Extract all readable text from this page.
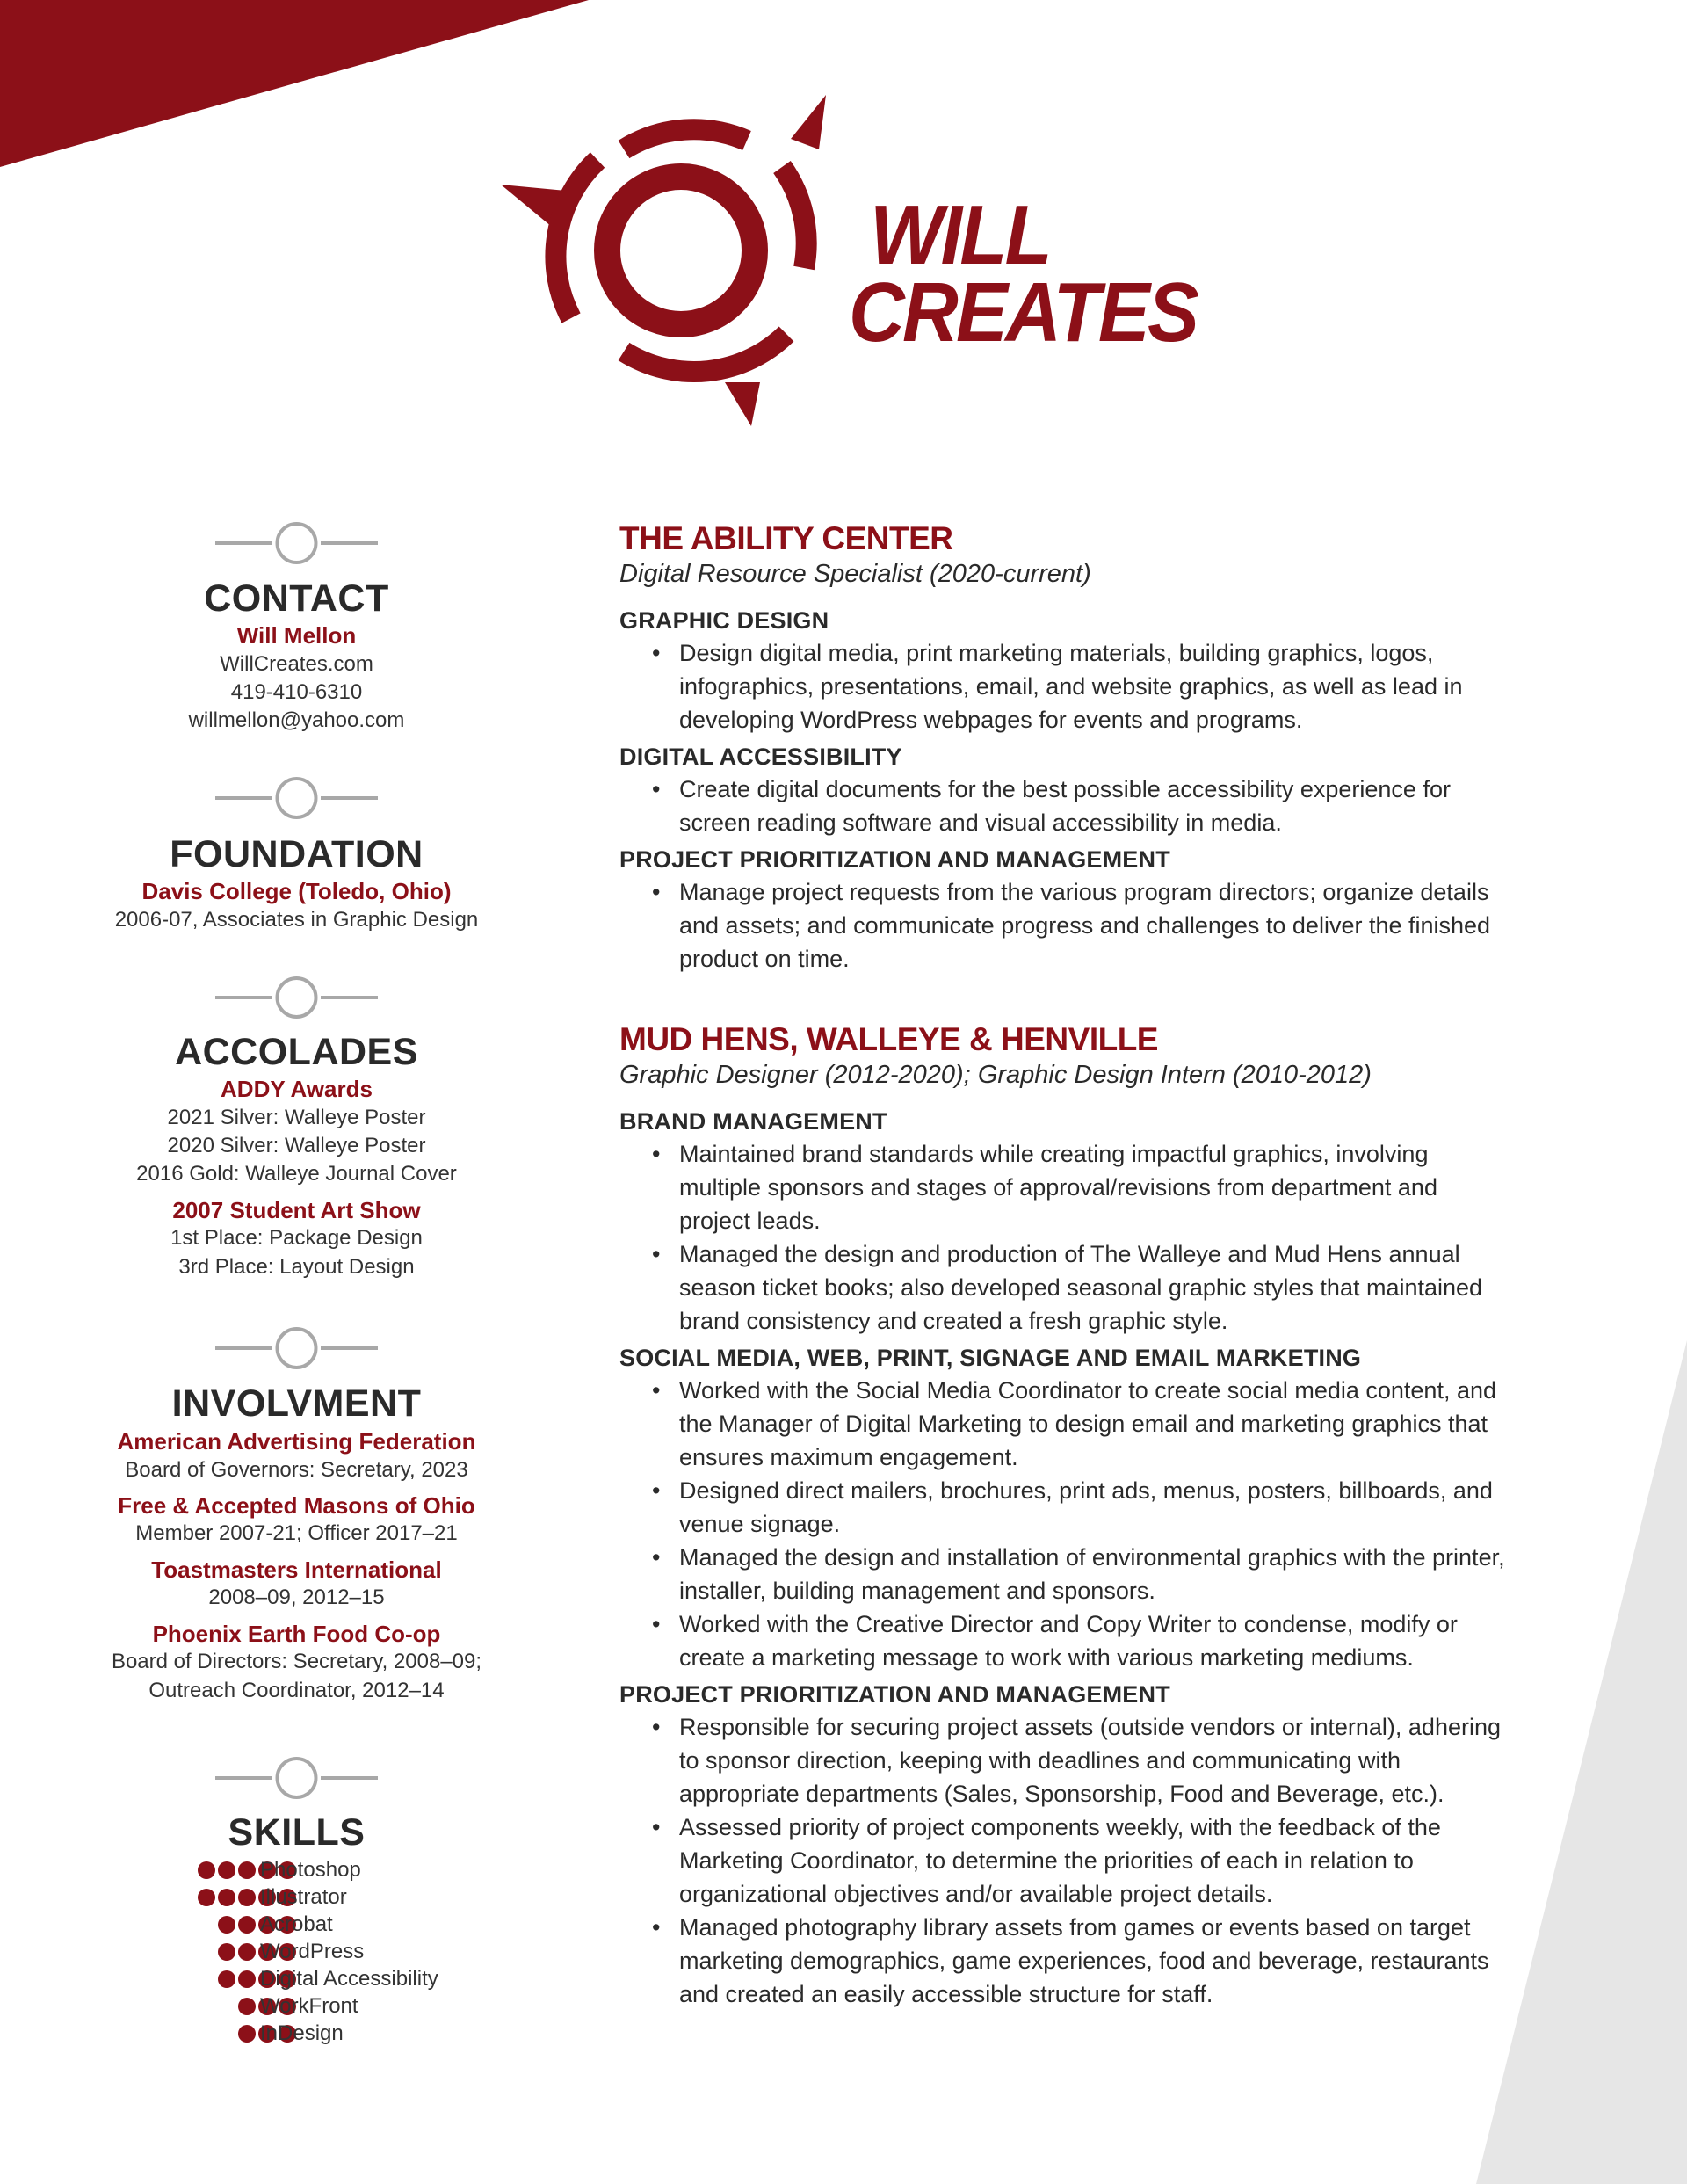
WILL
CREATES
CONTACT
Will Mellon
WillCreates.com
419-410-6310
willmellon@yahoo.com
FOUNDATION
Davis College (Toledo, Ohio)
2006-07, Associates in Graphic Design
ACCOLADES
ADDY Awards
2021 Silver: Walleye Poster
2020 Silver: Walleye Poster
2016 Gold: Walleye Journal Cover
2007 Student Art Show
1st Place: Package Design
3rd Place: Layout Design
INVOLVMENT
American Advertising Federation
Board of Governors: Secretary, 2023
Free & Accepted Masons of Ohio
Member 2007-21; Officer 2017–21
Toastmasters International
2008–09, 2012–15
Phoenix Earth Food Co-op
Board of Directors: Secretary, 2008–09;
Outreach Coordinator, 2012–14
SKILLS
Photoshop
Illustrator
Acrobat
WordPress
Digital Accessibility
WorkFront
InDesign
THE ABILITY CENTER
Digital Resource Specialist (2020-current)
GRAPHIC DESIGN
• Design digital media, print marketing materials, building graphics, logos, infographics, presentations, email, and website graphics, as well as lead in developing WordPress webpages for events and programs.
DIGITAL ACCESSIBILITY
• Create digital documents for the best possible accessibility experience for screen reading software and visual accessibility in media.
PROJECT PRIORITIZATION AND MANAGEMENT
• Manage project requests from the various program directors; organize details and assets; and communicate progress and challenges to deliver the finished product on time.
MUD HENS, WALLEYE & HENVILLE
Graphic Designer (2012-2020); Graphic Design Intern (2010-2012)
BRAND MANAGEMENT
• Maintained brand standards while creating impactful graphics, involving multiple sponsors and stages of approval/revisions from department and project leads.
• Managed the design and production of The Walleye and Mud Hens annual season ticket books; also developed seasonal graphic styles that maintained brand consistency and created a fresh graphic style.
SOCIAL MEDIA, WEB, PRINT, SIGNAGE AND EMAIL MARKETING
• Worked with the Social Media Coordinator to create social media content, and the Manager of Digital Marketing to design email and marketing graphics that ensures maximum engagement.
• Designed direct mailers, brochures, print ads, menus, posters, billboards, and venue signage.
• Managed the design and installation of environmental graphics with the printer, installer, building management and sponsors.
• Worked with the Creative Director and Copy Writer to condense, modify or create a marketing message to work with various marketing mediums.
PROJECT PRIORITIZATION AND MANAGEMENT
• Responsible for securing project assets (outside vendors or internal), adhering to sponsor direction, keeping with deadlines and communicating with appropriate departments (Sales, Sponsorship, Food and Beverage, etc.).
• Assessed priority of project components weekly, with the feedback of the Marketing Coordinator, to determine the priorities of each in relation to organizational objectives and/or available project details.
• Managed photography library assets from games or events based on target marketing demographics, game experiences, food and beverage, restaurants and created an easily accessible structure for staff.
